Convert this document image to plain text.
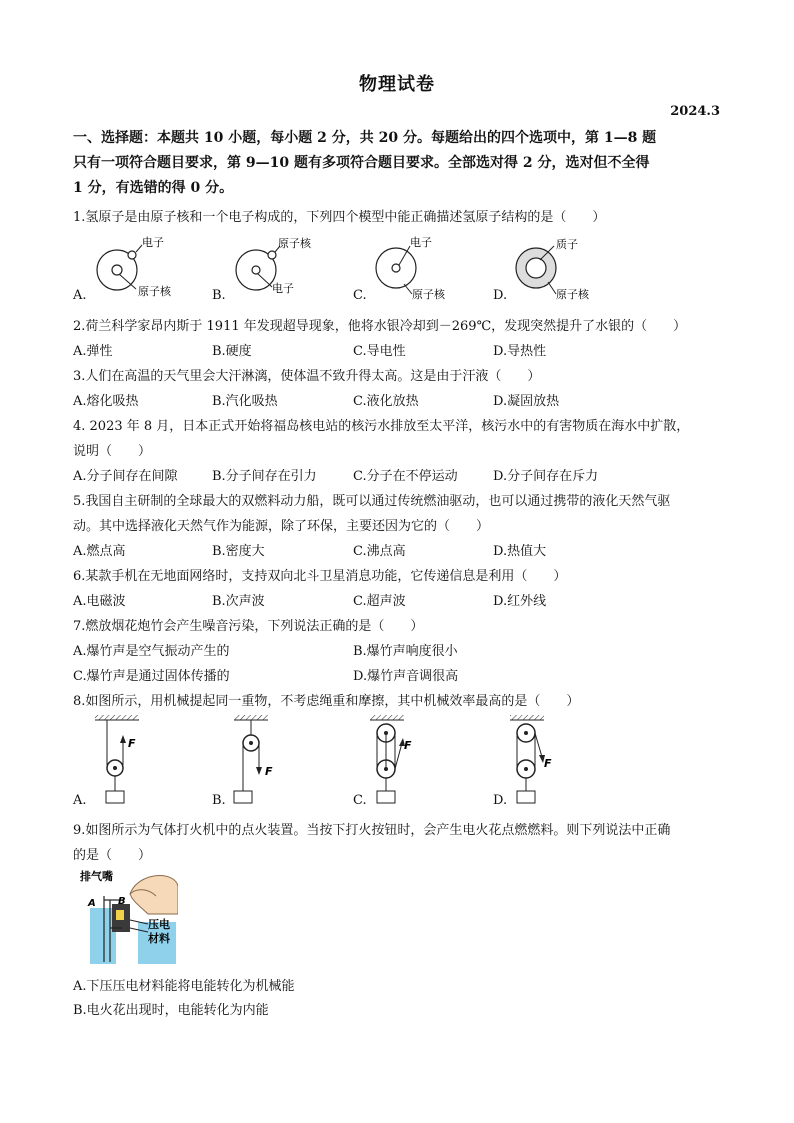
物理试卷
2024.3
一、选择题：本题共 10 小题，每小题 2 分，共 20 分。每题给出的四个选项中，第 1—8 题
只有一项符合题目要求，第 9—10 题有多项符合题目要求。全部选对得 2 分，选对但不全得
1 分，有选错的得 0 分。
1.氢原子是由原子核和一个电子构成的，下列四个模型中能正确描述氢原子结构的是（　　）
电子
原子核
原子核
电子
电子
原子核
质子
原子核
A.	B.	C.	D.
2.荷兰科学家昂内斯于 1911 年发现超导现象，他将水银冷却到－269℃，发现突然提升了水银的（　　）
A.弹性	B.硬度	C.导电性	D.导热性
3.人们在高温的天气里会大汗淋漓，使体温不致升得太高。这是由于汗液（　　）
A.熔化吸热	B.汽化吸热	C.液化放热	D.凝固放热
4. 2023 年 8 月，日本正式开始将福岛核电站的核污水排放至太平洋，核污水中的有害物质在海水中扩散，
说明（　　）
A.分子间存在间隙	B.分子间存在引力	C.分子在不停运动	D.分子间存在斥力
5.我国自主研制的全球最大的双燃料动力船，既可以通过传统燃油驱动，也可以通过携带的液化天然气驱
动。其中选择液化天然气作为能源，除了环保，主要还因为它的（　　）
A.燃点高	B.密度大	C.沸点高	D.热值大
6.某款手机在无地面网络时，支持双向北斗卫星消息功能，它传递信息是利用（　　）
A.电磁波	B.次声波	C.超声波	D.红外线
7.燃放烟花炮竹会产生噪音污染，下列说法正确的是（　　）
A.爆竹声是空气振动产生的	B.爆竹声响度很小
C.爆竹声是通过固体传播的	D.爆竹声音调很高
8.如图所示，用机械提起同一重物，不考虑绳重和摩擦，其中机械效率最高的是（　　）
F
F
F
F
A.	B.	C.	D.
9.如图所示为气体打火机中的点火装置。当按下打火按钮时，会产生电火花点燃燃料。则下列说法中正确
的是（　　）
排气嘴
A B
压电
材料
A.下压压电材料能将电能转化为机械能
B.电火花出现时，电能转化为内能
